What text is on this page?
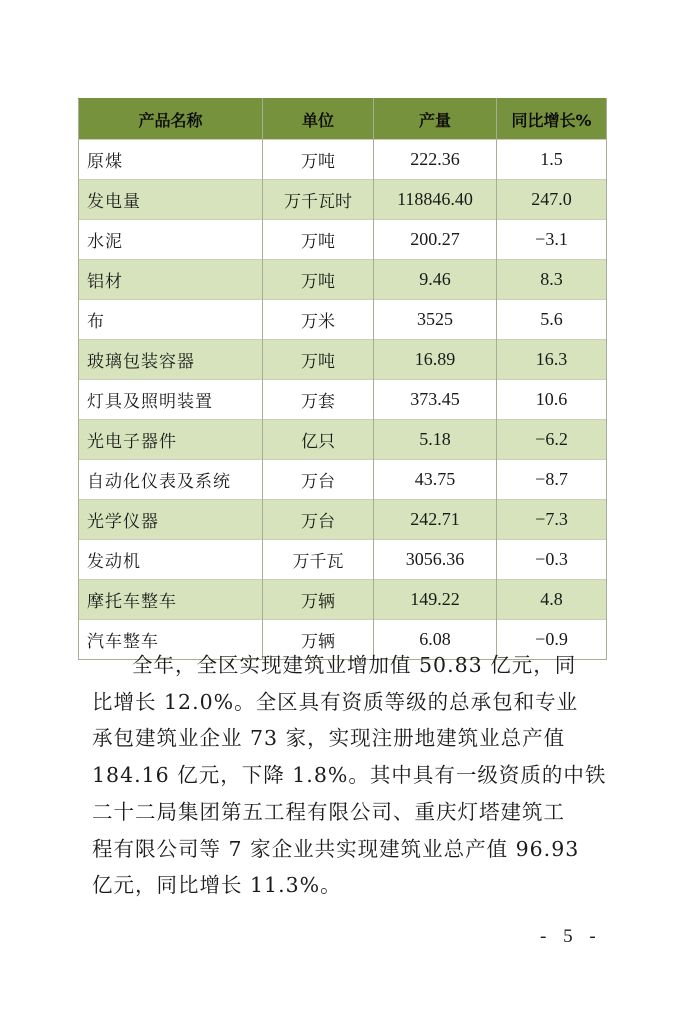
产品名称	单位	产量	同比增长%
原煤	万吨	222.36	1.5
发电量	万千瓦时	118846.40	247.0
水泥	万吨	200.27	−3.1
铝材	万吨	9.46	8.3
布	万米	3525	5.6
玻璃包装容器	万吨	16.89	16.3
灯具及照明装置	万套	373.45	10.6
光电子器件	亿只	5.18	−6.2
自动化仪表及系统	万台	43.75	−8.7
光学仪器	万台	242.71	−7.3
发动机	万千瓦	3056.36	−0.3
摩托车整车	万辆	149.22	4.8
汽车整车	万辆	6.08	−0.9

全年，全区实现建筑业增加值 50.83 亿元，同
比增长 12.0%。全区具有资质等级的总承包和专业
承包建筑业企业 73 家，实现注册地建筑业总产值
184.16 亿元，下降 1.8%。其中具有一级资质的中铁
二十二局集团第五工程有限公司、重庆灯塔建筑工
程有限公司等 7 家企业共实现建筑业总产值 96.93
亿元，同比增长 11.3%。

- 5 -
